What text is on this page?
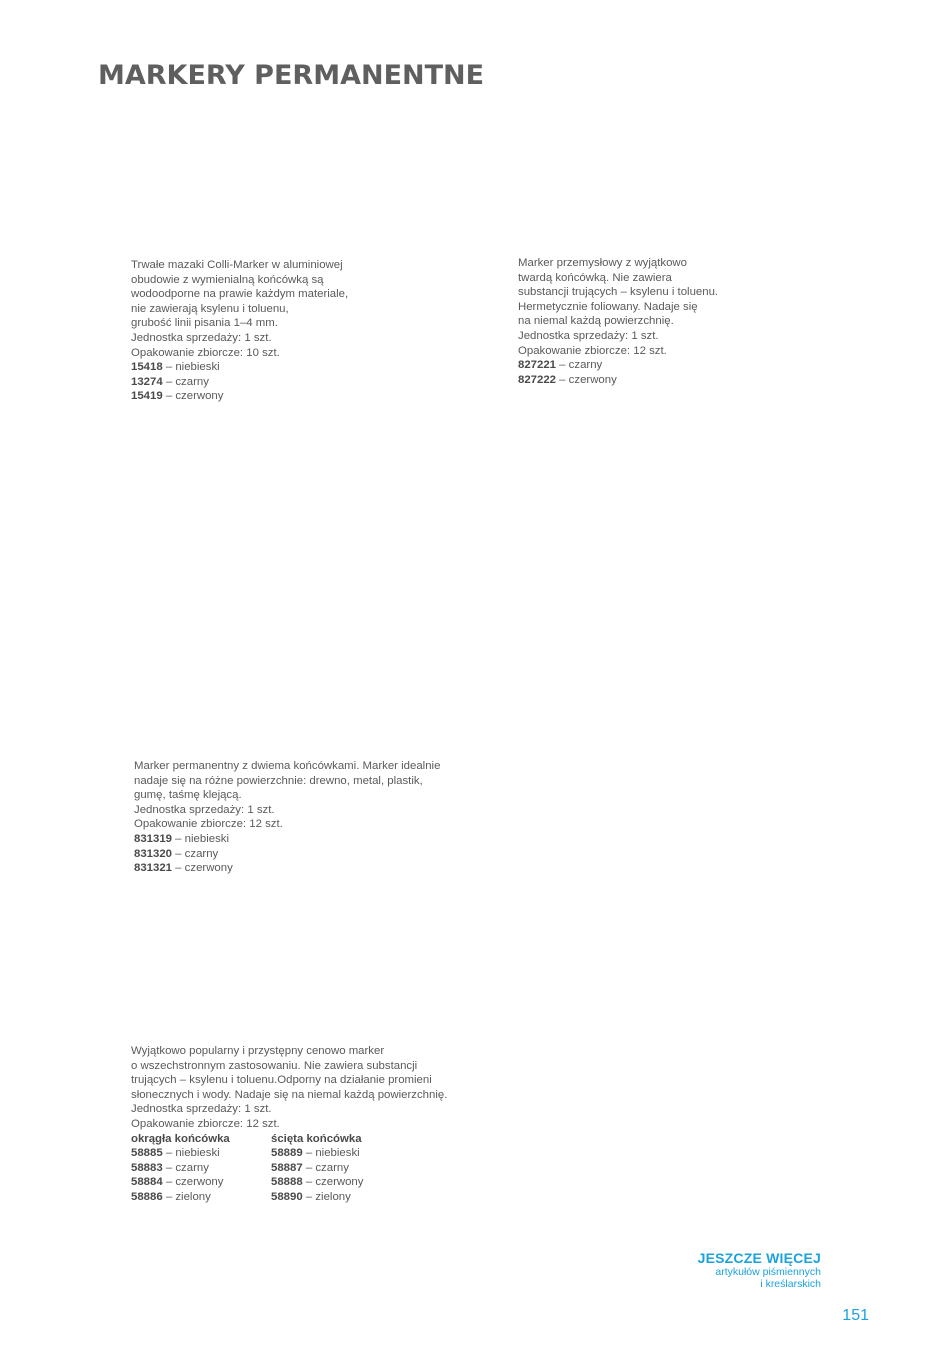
MARKERY PERMANENTNE
Trwałe mazaki Colli-Marker w aluminiowej
obudowie z wymienialną końcówką są
wodoodporne na prawie każdym materiale,
nie zawierają ksylenu i toluenu,
grubość linii pisania 1–4 mm.
Jednostka sprzedaży: 1 szt.
Opakowanie zbiorcze: 10 szt.
15418 – niebieski
13274 – czarny
15419 – czerwony
Marker przemysłowy z wyjątkowo
twardą końcówką. Nie zawiera
substancji trujących – ksylenu i toluenu.
Hermetycznie foliowany. Nadaje się
na niemal każdą powierzchnię.
Jednostka sprzedaży: 1 szt.
Opakowanie zbiorcze: 12 szt.
827221 – czarny
827222 – czerwony
Marker permanentny z dwiema końcówkami. Marker idealnie
nadaje się na różne powierzchnie: drewno, metal, plastik,
gumę, taśmę klejącą.
Jednostka sprzedaży: 1 szt.
Opakowanie zbiorcze: 12 szt.
831319 – niebieski
831320 – czarny
831321 – czerwony
Wyjątkowo popularny i przystępny cenowo marker
o wszechstronnym zastosowaniu. Nie zawiera substancji
trujących – ksylenu i toluenu.Odporny na działanie promieni
słonecznych i wody. Nadaje się na niemal każdą powierzchnię.
Jednostka sprzedaży: 1 szt.
Opakowanie zbiorcze: 12 szt.
okrągła końcówka
58885 – niebieski
58883 – czarny
58884 – czerwony
58886 – zielony
ścięta końcówka
58889 – niebieski
58887 – czarny
58888 – czerwony
58890 – zielony
JESZCZE WIĘCEJ
artykułów piśmiennych
i kreślarskich
151
